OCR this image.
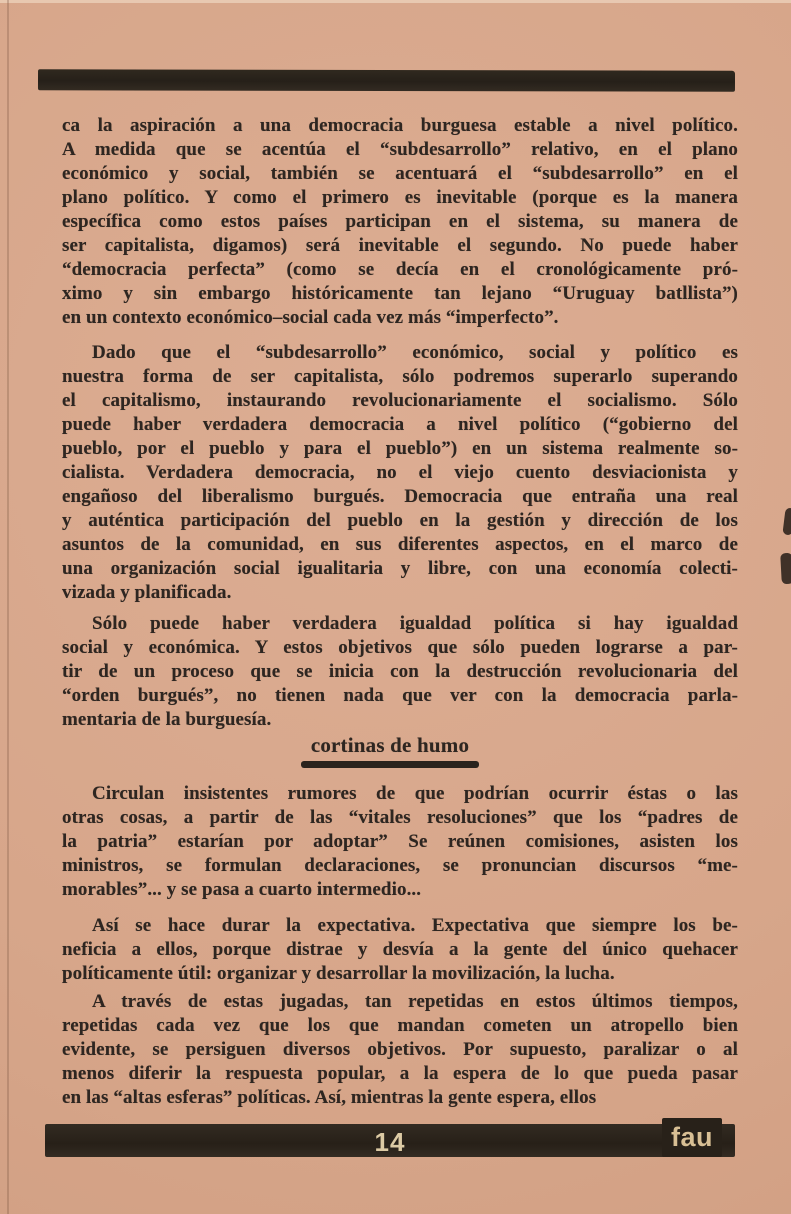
ca la aspiración a una democracia burguesa estable a nivel político.
A medida que se acentúa el “subdesarrollo” relativo, en el plano
económico y social, también se acentuará el “subdesarrollo” en el
plano político. Y como el primero es inevitable (porque es la manera
específica como estos países participan en el sistema, su manera de
ser capitalista, digamos) será inevitable el segundo. No puede haber
“democracia perfecta” (como se decía en el cronológicamente pró-
ximo y sin embargo históricamente tan lejano “Uruguay batllista”)
en un contexto económico–social cada vez más “imperfecto”.
Dado que el “subdesarrollo” económico, social y político es
nuestra forma de ser capitalista, sólo podremos superarlo superando
el capitalismo, instaurando revolucionariamente el socialismo. Sólo
puede haber verdadera democracia a nivel político (“gobierno del
pueblo, por el pueblo y para el pueblo”) en un sistema realmente so-
cialista. Verdadera democracia, no el viejo cuento desviacionista y
engañoso del liberalismo burgués. Democracia que entraña una real
y auténtica participación del pueblo en la gestión y dirección de los
asuntos de la comunidad, en sus diferentes aspectos, en el marco de
una organización social igualitaria y libre, con una economía colecti-
vizada y planificada.
Sólo puede haber verdadera igualdad política si hay igualdad
social y económica. Y estos objetivos que sólo pueden lograrse a par-
tir de un proceso que se inicia con la destrucción revolucionaria del
“orden burgués”, no tienen nada que ver con la democracia parla-
mentaria de la burguesía.
cortinas de humo
Circulan insistentes rumores de que podrían ocurrir éstas o las
otras cosas, a partir de las “vitales resoluciones” que los “padres de
la patria” estarían por adoptar” Se reúnen comisiones, asisten los
ministros, se formulan declaraciones, se pronuncian discursos “me-
morables”... y se pasa a cuarto intermedio...
Así se hace durar la expectativa. Expectativa que siempre los be-
neficia a ellos, porque distrae y desvía a la gente del único quehacer
políticamente útil: organizar y desarrollar la movilización, la lucha.
A través de estas jugadas, tan repetidas en estos últimos tiempos,
repetidas cada vez que los que mandan cometen un atropello bien
evidente, se persiguen diversos objetivos. Por supuesto, paralizar o al
menos diferir la respuesta popular, a la espera de lo que pueda pasar
en las “altas esferas” políticas. Así, mientras la gente espera, ellos
14	fau
